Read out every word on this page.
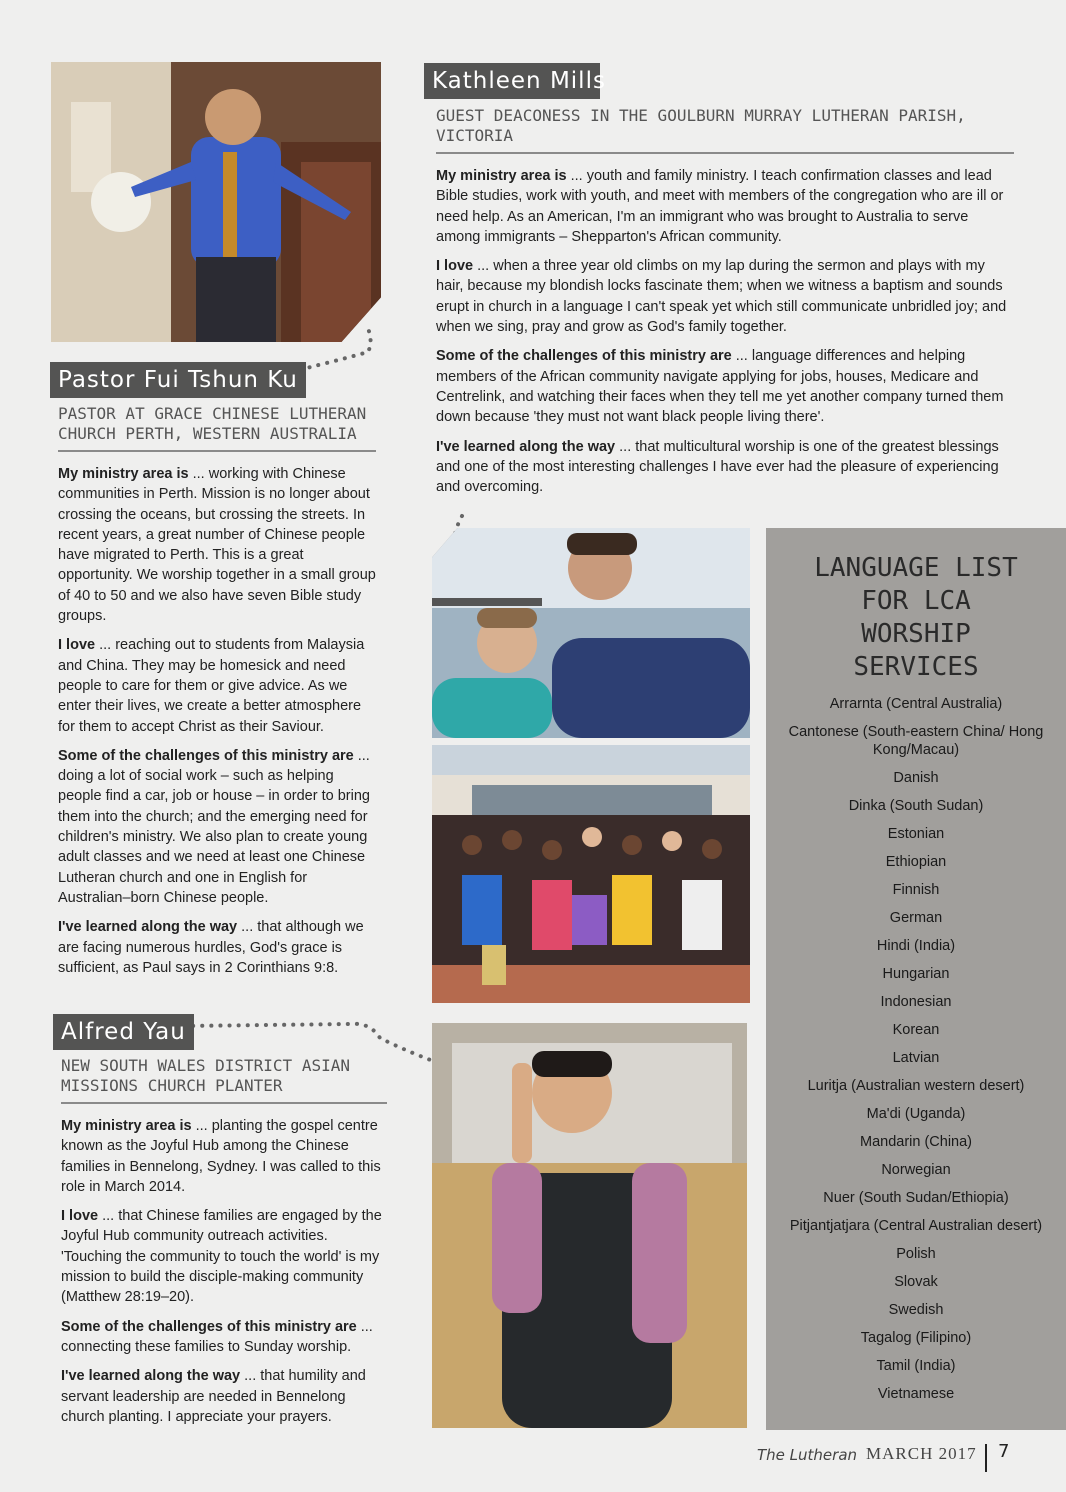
Pastor Fui Tshun Ku
PASTOR AT GRACE CHINESE LUTHERAN CHURCH PERTH, WESTERN AUSTRALIA

My ministry area is ... working with Chinese communities in Perth. Mission is no longer about crossing the oceans, but crossing the streets. In recent years, a great number of Chinese people have migrated to Perth. This is a great opportunity. We worship together in a small group of 40 to 50 and we also have seven Bible study groups.

I love ... reaching out to students from Malaysia and China. They may be homesick and need people to care for them or give advice. As we enter their lives, we create a better atmosphere for them to accept Christ as their Saviour.

Some of the challenges of this ministry are ... doing a lot of social work – such as helping people find a car, job or house – in order to bring them into the church; and the emerging need for children's ministry. We also plan to create young adult classes and we need at least one Chinese Lutheran church and one in English for Australian–born Chinese people.

I've learned along the way ... that although we are facing numerous hurdles, God's grace is sufficient, as Paul says in 2 Corinthians 9:8.

Kathleen Mills
GUEST DEACONESS IN THE GOULBURN MURRAY LUTHERAN PARISH, VICTORIA

My ministry area is ... youth and family ministry. I teach confirmation classes and lead Bible studies, work with youth, and meet with members of the congregation who are ill or need help. As an American, I'm an immigrant who was brought to Australia to serve among immigrants – Shepparton's African community.

I love ... when a three year old climbs on my lap during the sermon and plays with my hair, because my blondish locks fascinate them; when we witness a baptism and sounds erupt in church in a language I can't speak yet which still communicate unbridled joy; and when we sing, pray and grow as God's family together.

Some of the challenges of this ministry are ... language differences and helping members of the African community navigate applying for jobs, houses, Medicare and Centrelink, and watching their faces when they tell me yet another company turned them down because 'they must not want black people living there'.

I've learned along the way ... that multicultural worship is one of the greatest blessings and one of the most interesting challenges I have ever had the pleasure of experiencing and overcoming.

Alfred Yau
NEW SOUTH WALES DISTRICT ASIAN MISSIONS CHURCH PLANTER

My ministry area is ... planting the gospel centre known as the Joyful Hub among the Chinese families in Bennelong, Sydney. I was called to this role in March 2014.

I love ... that Chinese families are engaged by the Joyful Hub community outreach activities. 'Touching the community to touch the world' is my mission to build the disciple-making community (Matthew 28:19–20).

Some of the challenges of this ministry are ... connecting these families to Sunday worship.

I've learned along the way ... that humility and servant leadership are needed in Bennelong church planting. I appreciate your prayers.

LANGUAGE LIST FOR LCA WORSHIP SERVICES
Arrarnta (Central Australia)
Cantonese (South-eastern China/ Hong Kong/Macau)
Danish
Dinka (South Sudan)
Estonian
Ethiopian
Finnish
German
Hindi (India)
Hungarian
Indonesian
Korean
Latvian
Luritja (Australian western desert)
Ma'di (Uganda)
Mandarin (China)
Norwegian
Nuer (South Sudan/Ethiopia)
Pitjantjatjara (Central Australian desert)
Polish
Slovak
Swedish
Tagalog (Filipino)
Tamil (India)
Vietnamese
The Lutheran MARCH 2017 7
